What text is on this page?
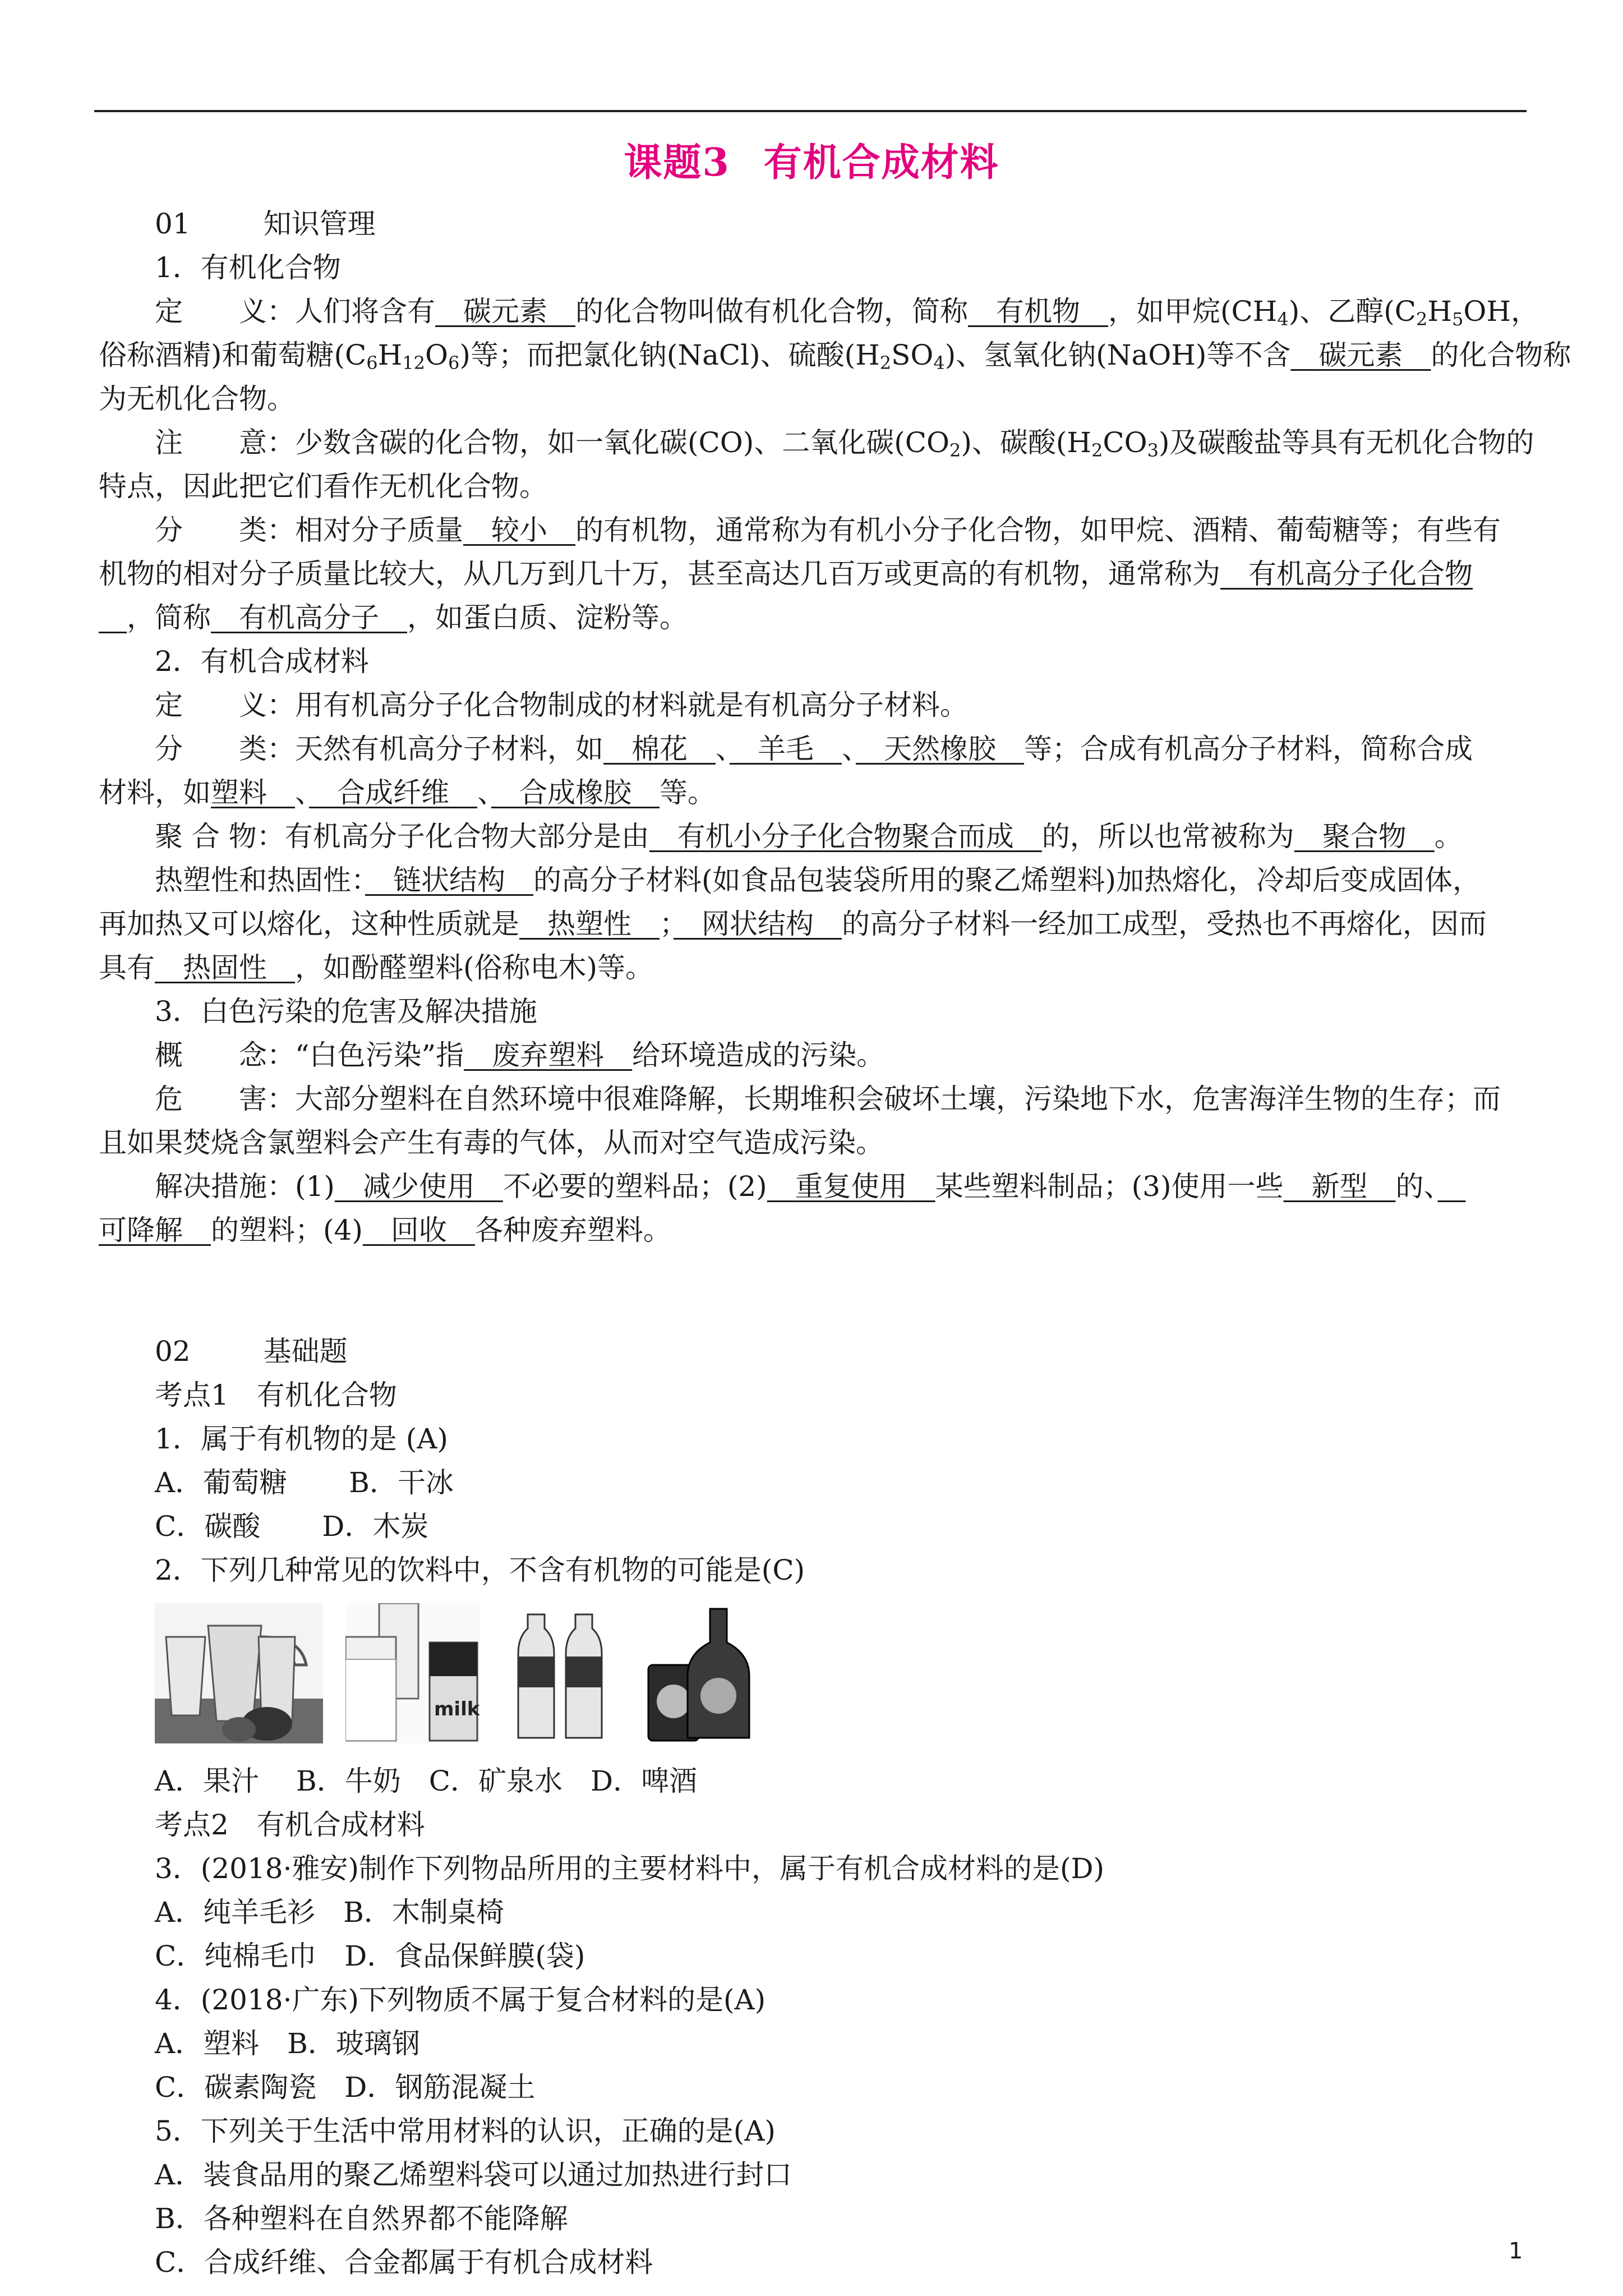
课题3 有机合成材料
01	知识管理
1．有机化合物
定　　义：人们将含有　 碳元素　 的化合物叫做有机化合物，简称　 有机物　 ，如甲烷$(CH_4)$、乙醇($C_2H_5OH$，
俗称酒精)和葡萄糖$(C_6H_{12}O_6)$等；而把氯化钠(NaCl)、硫酸$(H_2SO_4)$、氢氧化钠(NaOH)等不含　 碳元素　 的化合物称
为无机化合物。
注　　意：少数含碳的化合物，如一氧化碳(CO)、二氧化碳$(CO_2)$、碳酸$(H_2CO_3)$及碳酸盐等具有无机化合物的
特点，因此把它们看作无机化合物。
分　　类：相对分子质量　 较小　 的有机物，通常称为有机小分子化合物，如甲烷、酒精、葡萄糖等；有些有
机物的相对分子质量比较大，从几万到几十万，甚至高达几百万或更高的有机物，通常称为　 有机高分子化合物
　，简称　 有机高分子　 ，如蛋白质、淀粉等。
2．有机合成材料
定　　义：用有机高分子化合物制成的材料就是有机高分子材料。
分　　类：天然有机高分子材料，如　 棉花　 、　 羊毛　 、　 天然橡胶　 等；合成有机高分子材料，简称合成
材料，如塑料　 、　 合成纤维　 、　 合成橡胶　 等。
聚 合 物：有机高分子化合物大部分是由　 有机小分子化合物聚合而成　 的，所以也常被称为　 聚合物　 。
热塑性和热固性：　 链状结构　 的高分子材料(如食品包装袋所用的聚乙烯塑料)加热熔化，冷却后变成固体，
再加热又可以熔化，这种性质就是　 热塑性　 ；　 网状结构　 的高分子材料一经加工成型，受热也不再熔化，因而
具有　 热固性　 ，如酚醛塑料(俗称电木)等。
3．白色污染的危害及解决措施
概　　念：“白色污染”指　 废弃塑料　 给环境造成的污染。
危　　害：大部分塑料在自然环境中很难降解，长期堆积会破坏土壤，污染地下水，危害海洋生物的生存；而
且如果焚烧含氯塑料会产生有毒的气体，从而对空气造成污染。
解决措施：(1)　 减少使用　 不必要的塑料品；(2)　 重复使用　 某些塑料制品；(3)使用一些　 新型　 的、　
可降解　 的塑料；(4)　 回收　 各种废弃塑料。
02	基础题
考点1　有机化合物
1．属于有机物的是 (A)
A．葡萄糖 B．干冰
C．碳酸 D．木炭
2．下列几种常见的饮料中，不含有机物的可能是(C)
milk
A．果汁　 B．牛奶　C．矿泉水　D．啤酒
考点2　有机合成材料
3．(2018·雅安)制作下列物品所用的主要材料中，属于有机合成材料的是(D)
A．纯羊毛衫　B．木制桌椅
C．纯棉毛巾　D．食品保鲜膜(袋)
4．(2018·广东)下列物质不属于复合材料的是(A)
A．塑料　B．玻璃钢
C．碳素陶瓷　D．钢筋混凝土
5．下列关于生活中常用材料的认识，正确的是(A)
A．装食品用的聚乙烯塑料袋可以通过加热进行封口
B．各种塑料在自然界都不能降解
C．合成纤维、合金都属于有机合成材料	1
